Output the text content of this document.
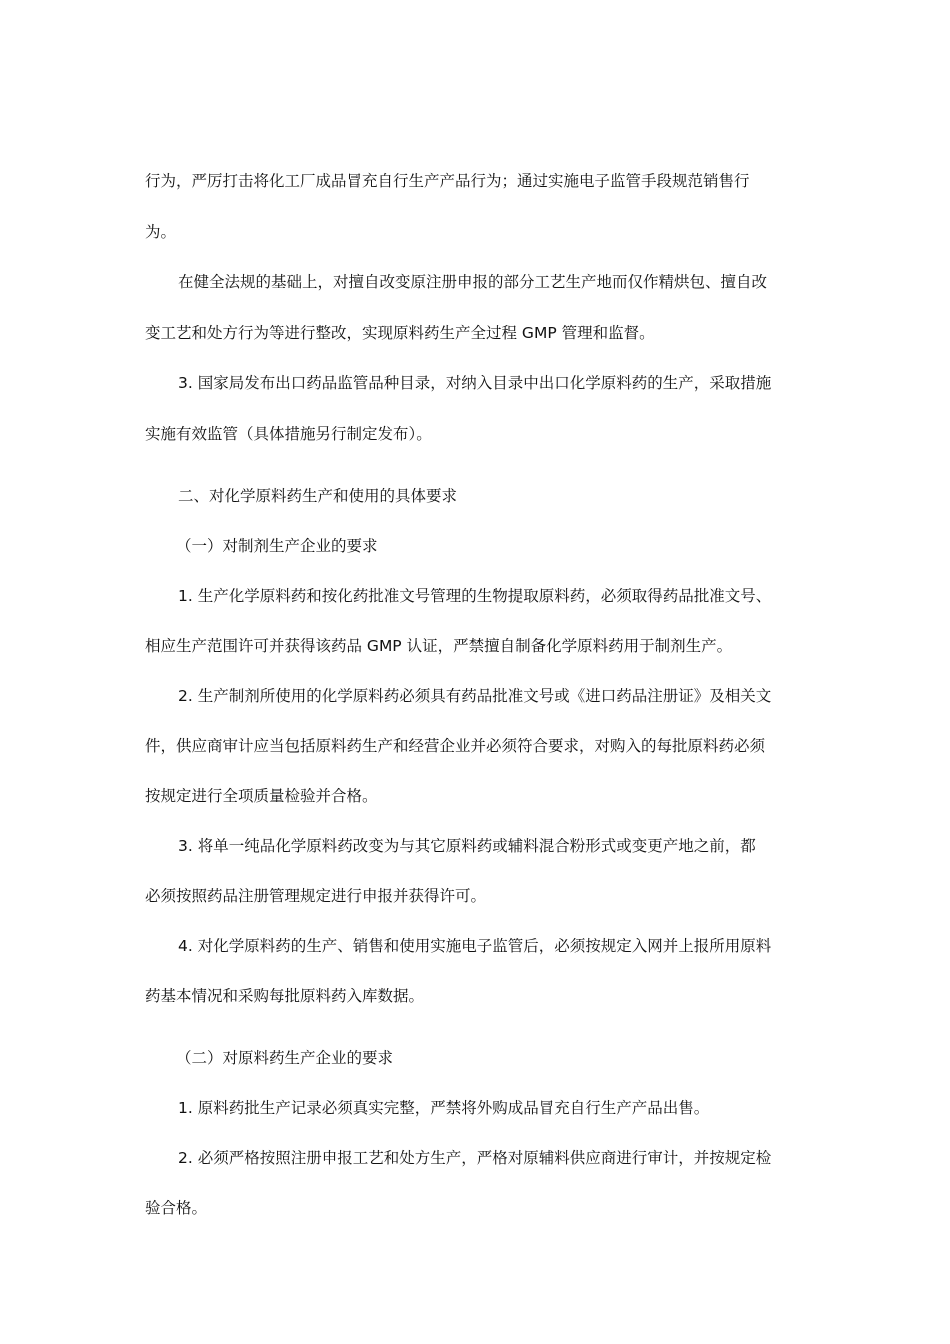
行为，严厉打击将化工厂成品冒充自行生产产品行为；通过实施电子监管手段规范销售行

为。

在健全法规的基础上，对擅自改变原注册申报的部分工艺生产地而仅作精烘包、擅自改

变工艺和处方行为等进行整改，实现原料药生产全过程 GMP 管理和监督。

3. 国家局发布出口药品监管品种目录，对纳入目录中出口化学原料药的生产，采取措施

实施有效监管（具体措施另行制定发布）。

二、对化学原料药生产和使用的具体要求

（一）对制剂生产企业的要求

1. 生产化学原料药和按化药批准文号管理的生物提取原料药，必须取得药品批准文号、

相应生产范围许可并获得该药品 GMP 认证，严禁擅自制备化学原料药用于制剂生产。

2. 生产制剂所使用的化学原料药必须具有药品批准文号或《进口药品注册证》及相关文

件，供应商审计应当包括原料药生产和经营企业并必须符合要求，对购入的每批原料药必须

按规定进行全项质量检验并合格。

3. 将单一纯品化学原料药改变为与其它原料药或辅料混合粉形式或变更产地之前，都

必须按照药品注册管理规定进行申报并获得许可。

4. 对化学原料药的生产、销售和使用实施电子监管后，必须按规定入网并上报所用原料

药基本情况和采购每批原料药入库数据。

（二）对原料药生产企业的要求

1. 原料药批生产记录必须真实完整，严禁将外购成品冒充自行生产产品出售。

2. 必须严格按照注册申报工艺和处方生产，严格对原辅料供应商进行审计，并按规定检

验合格。
